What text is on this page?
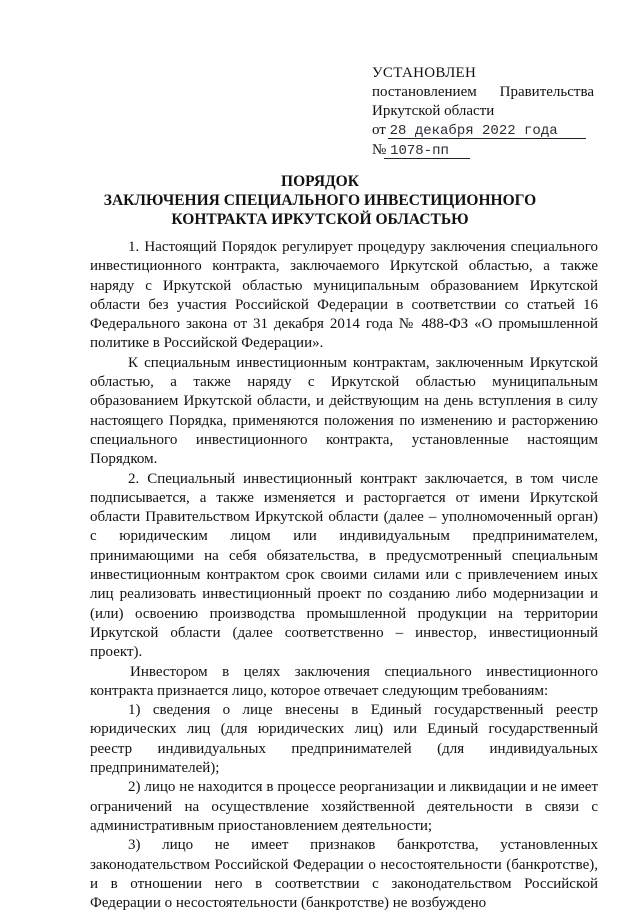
УСТАНОВЛЕН
постановлением Правительства
Иркутской области
от 28 декабря 2022 года
№ 1078-пп
ПОРЯДОК
ЗАКЛЮЧЕНИЯ СПЕЦИАЛЬНОГО ИНВЕСТИЦИОННОГО
КОНТРАКТА ИРКУТСКОЙ ОБЛАСТЬЮ

1. Настоящий Порядок регулирует процедуру заключения специального инвестиционного контракта, заключаемого Иркутской областью, а также наряду с Иркутской областью муниципальным образованием Иркутской области без участия Российской Федерации в соответствии со статьей 16 Федерального закона от 31 декабря 2014 года № 488-ФЗ «О промышленной политике в Российской Федерации».

К специальным инвестиционным контрактам, заключенным Иркутской областью, а также наряду с Иркутской областью муниципальным образованием Иркутской области, и действующим на день вступления в силу настоящего Порядка, применяются положения по изменению и расторжению специального инвестиционного контракта, установленные настоящим Порядком.

2. Специальный инвестиционный контракт заключается, в том числе подписывается, а также изменяется и расторгается от имени Иркутской области Правительством Иркутской области (далее – уполномоченный орган) с юридическим лицом или индивидуальным предпринимателем, принимающими на себя обязательства, в предусмотренный специальным инвестиционным контрактом срок своими силами или с привлечением иных лиц реализовать инвестиционный проект по созданию либо модернизации и (или) освоению производства промышленной продукции на территории Иркутской области (далее соответственно – инвестор, инвестиционный проект).

Инвестором в целях заключения специального инвестиционного контракта признается лицо, которое отвечает следующим требованиям:

1) сведения о лице внесены в Единый государственный реестр юридических лиц (для юридических лиц) или Единый государственный реестр индивидуальных предпринимателей (для индивидуальных предпринимателей);

2) лицо не находится в процессе реорганизации и ликвидации и не имеет ограничений на осуществление хозяйственной деятельности в связи с административным приостановлением деятельности;

3) лицо не имеет признаков банкротства, установленных законодательством Российской Федерации о несостоятельности (банкротстве), и в отношении него в соответствии с законодательством Российской Федерации о несостоятельности (банкротстве) не возбуждено
